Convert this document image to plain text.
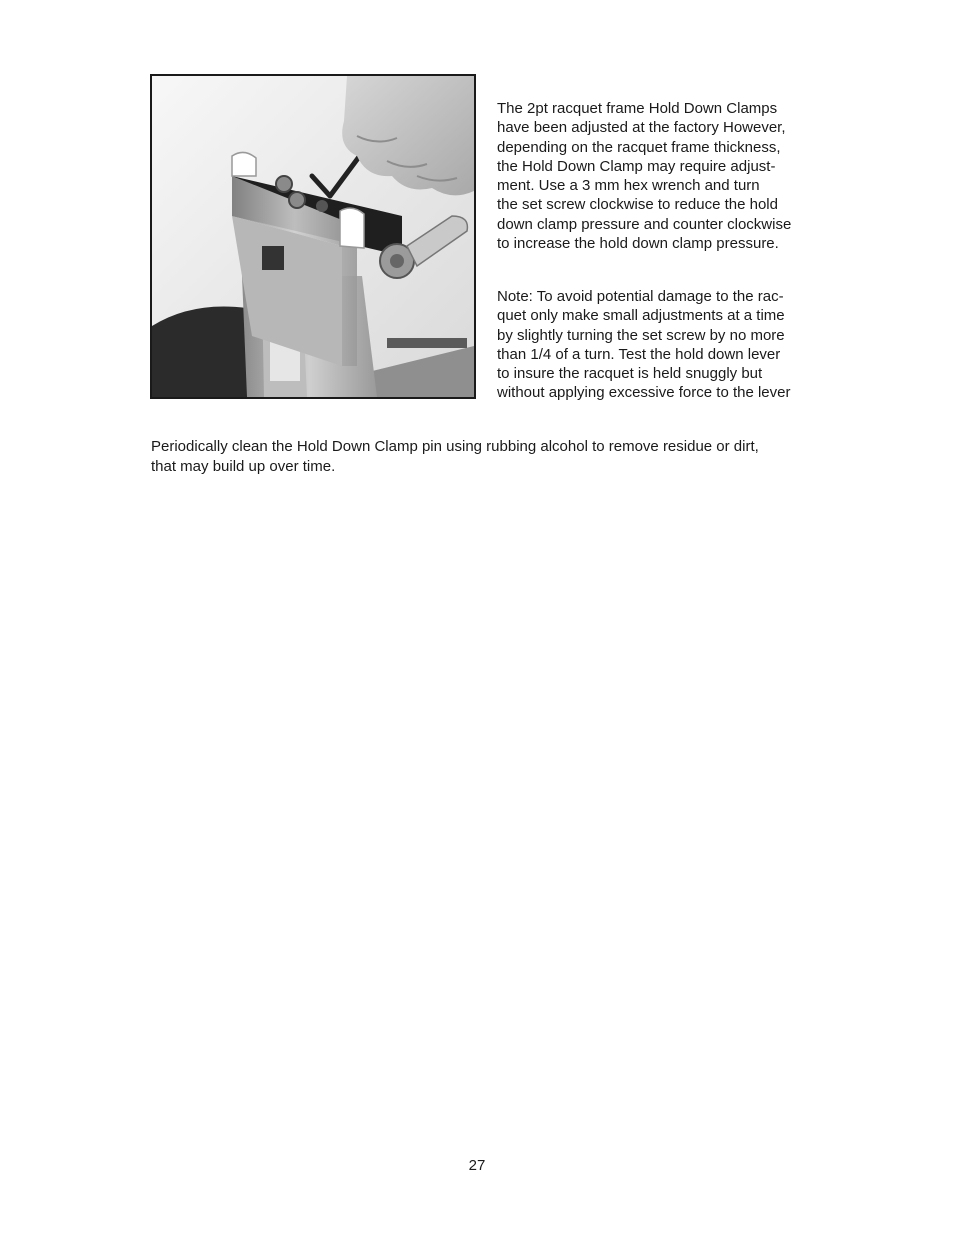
The 2pt racquet frame Hold Down Clamps
have been adjusted at the factory However,
depending on the racquet frame thickness,
the Hold Down Clamp may require adjust-
ment. Use a 3 mm hex wrench and turn
the set screw clockwise to reduce the hold
down clamp pressure and counter clockwise
to increase the hold down clamp pressure.

Note: To avoid potential damage to the rac-
quet only make small adjustments at a time
by slightly turning the set screw by no more
than 1/4 of a turn. Test the hold down lever
to insure the racquet is held snuggly but
without applying excessive force to the lever

Periodically clean the Hold Down Clamp pin using rubbing alcohol to remove residue or dirt,
that may build up over time.

27
